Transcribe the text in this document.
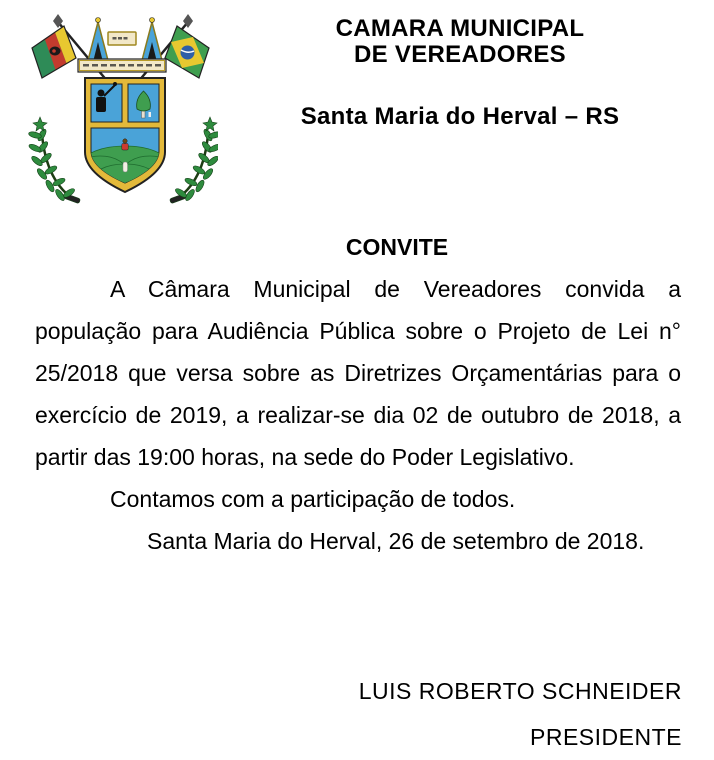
CAMARA MUNICIPAL
DE VEREADORES
Santa Maria do Herval – RS
CONVITE

A Câmara Municipal de Vereadores convida a população para Audiência Pública sobre o Projeto de Lei n° 25/2018 que versa sobre as Diretrizes Orçamentárias para o exercício de 2019, a realizar-se dia 02 de outubro de 2018, a partir das 19:00 horas, na sede do Poder Legislativo.

Contamos com a participação de todos.

Santa Maria do Herval, 26 de setembro de 2018.

LUIS ROBERTO SCHNEIDER
PRESIDENTE
